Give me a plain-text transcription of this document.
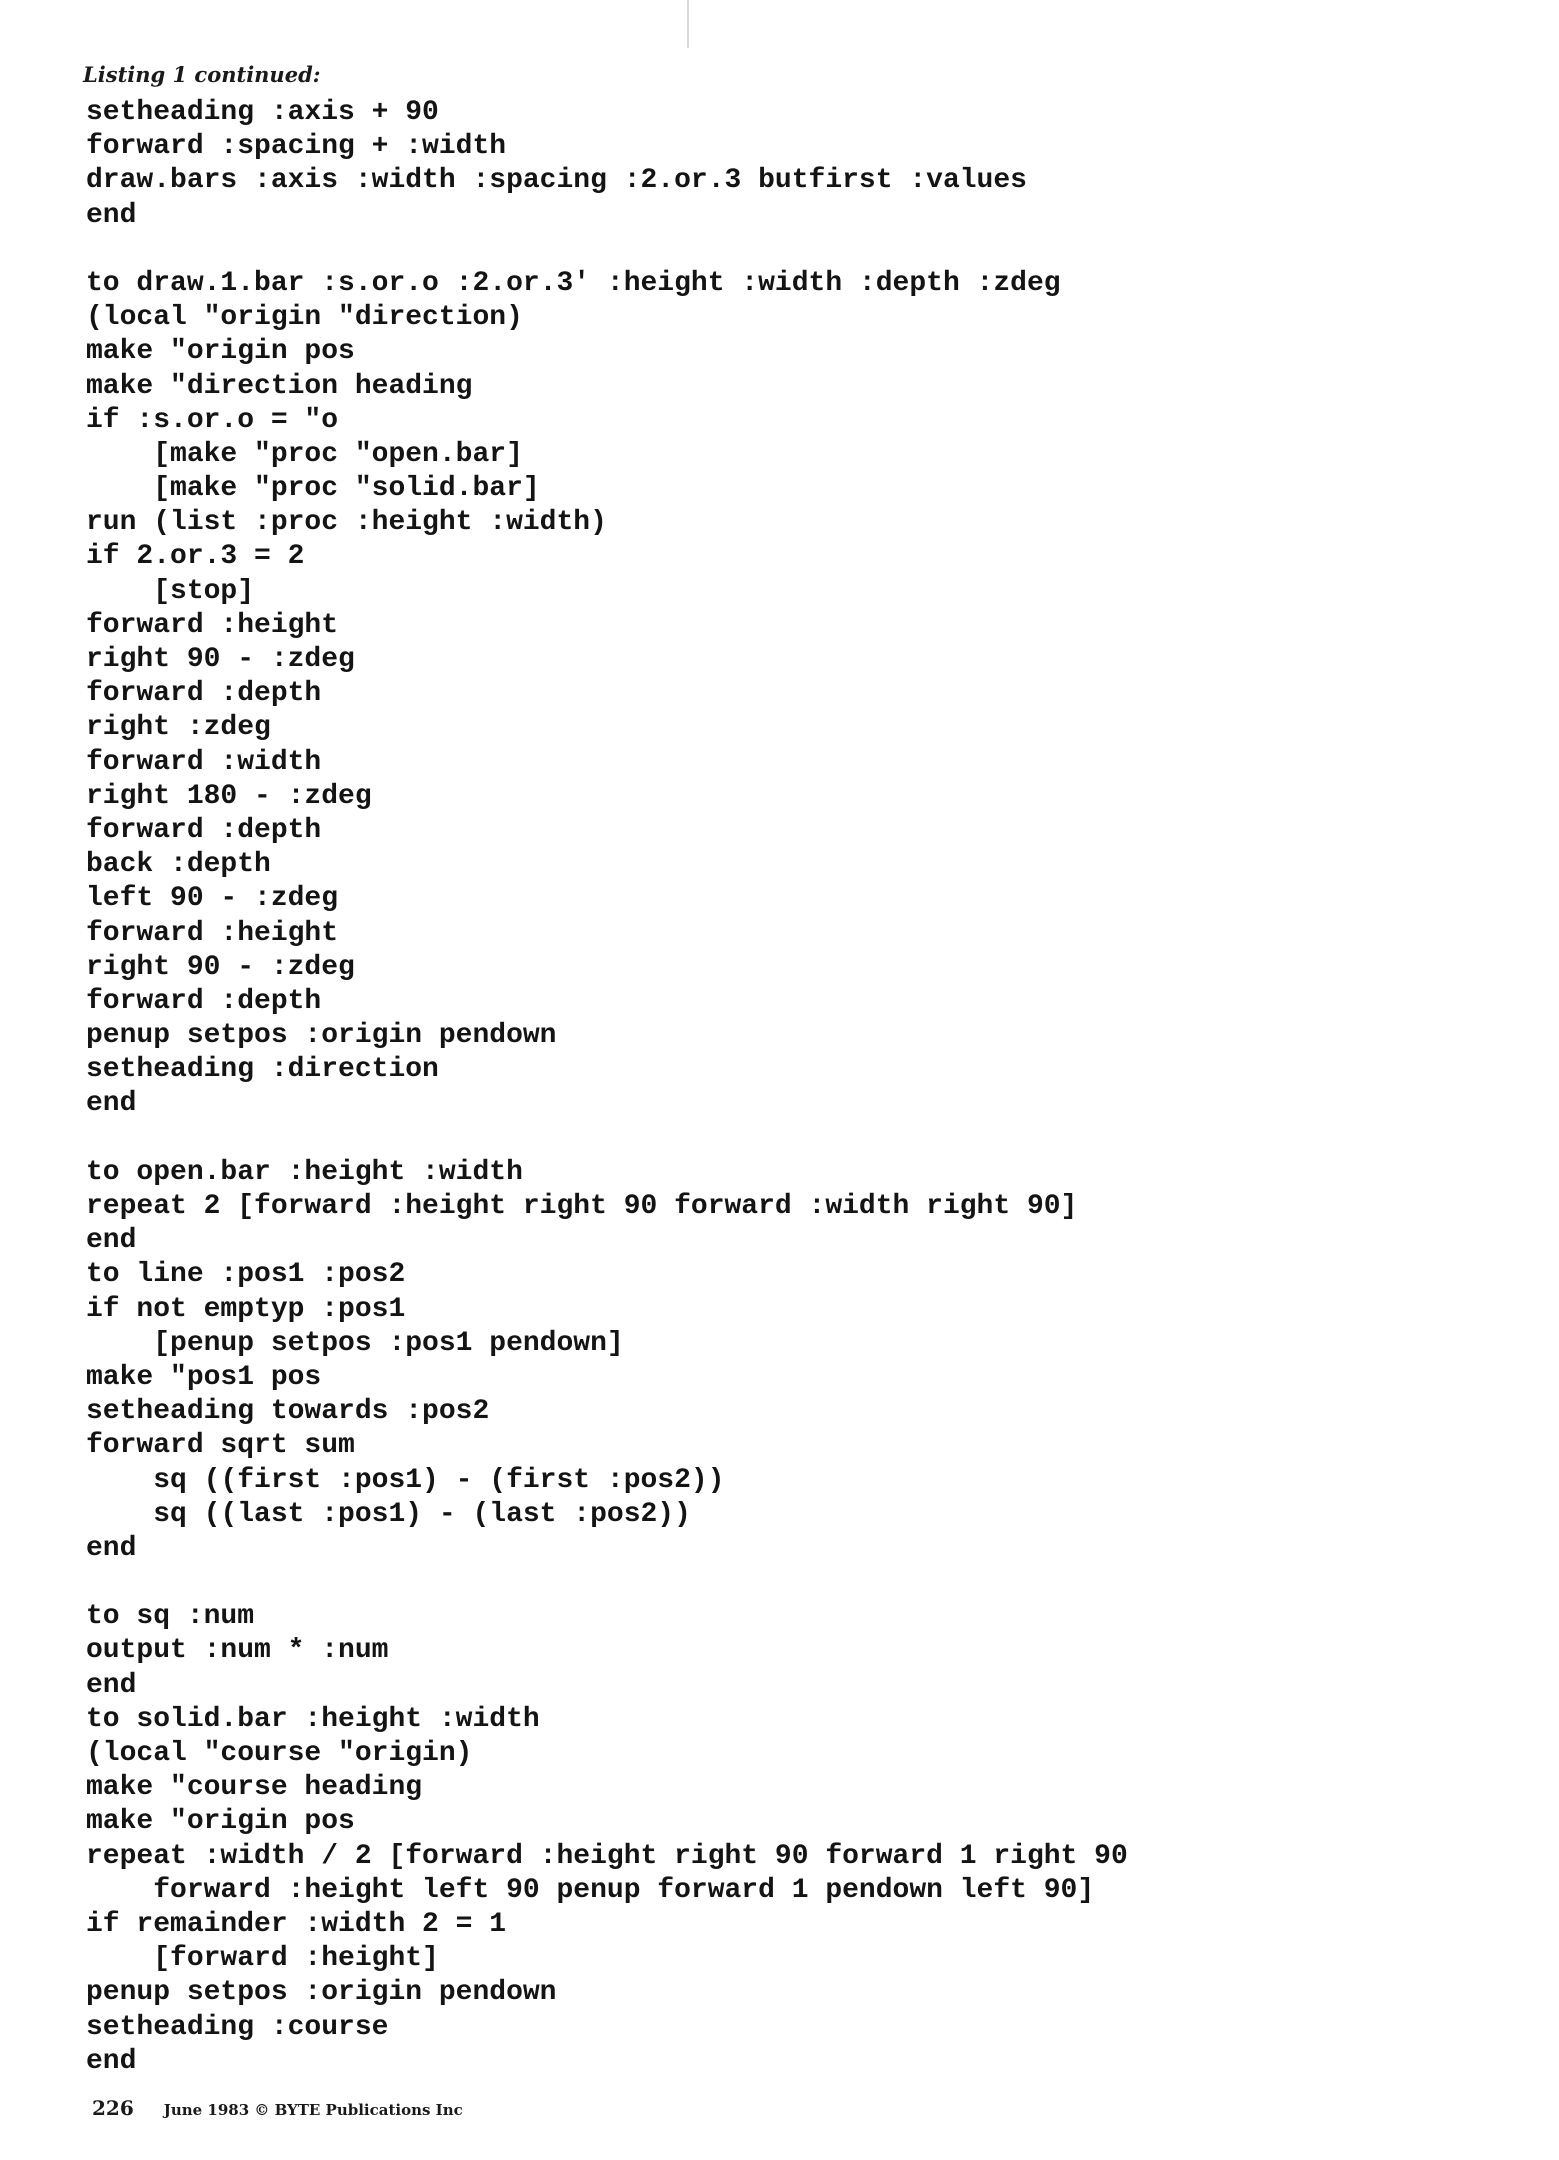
Listing 1 continued:
setheading :axis + 90
forward :spacing + :width
draw.bars :axis :width :spacing :2.or.3 butfirst :values
end

to draw.1.bar :s.or.o :2.or.3' :height :width :depth :zdeg
(local "origin "direction)
make "origin pos
make "direction heading
if :s.or.o = "o
[make "proc "open.bar]
[make "proc "solid.bar]
run (list :proc :height :width)
if 2.or.3 = 2
[stop]
forward :height
right 90 - :zdeg
forward :depth
right :zdeg
forward :width
right 180 - :zdeg
forward :depth
back :depth
left 90 - :zdeg
forward :height
right 90 - :zdeg
forward :depth
penup setpos :origin pendown
setheading :direction
end

to open.bar :height :width
repeat 2 [forward :height right 90 forward :width right 90]
end
to line :pos1 :pos2
if not emptyp :pos1
[penup setpos :pos1 pendown]
make "pos1 pos
setheading towards :pos2
forward sqrt sum
sq ((first :pos1) - (first :pos2))
sq ((last :pos1) - (last :pos2))
end

to sq :num
output :num * :num
end
to solid.bar :height :width
(local "course "origin)
make "course heading
make "origin pos
repeat :width / 2 [forward :height right 90 forward 1 right 90
forward :height left 90 penup forward 1 pendown left 90]
if remainder :width 2 = 1
[forward :height]
penup setpos :origin pendown
setheading :course
end
226 June 1983 © BYTE Publications Inc
